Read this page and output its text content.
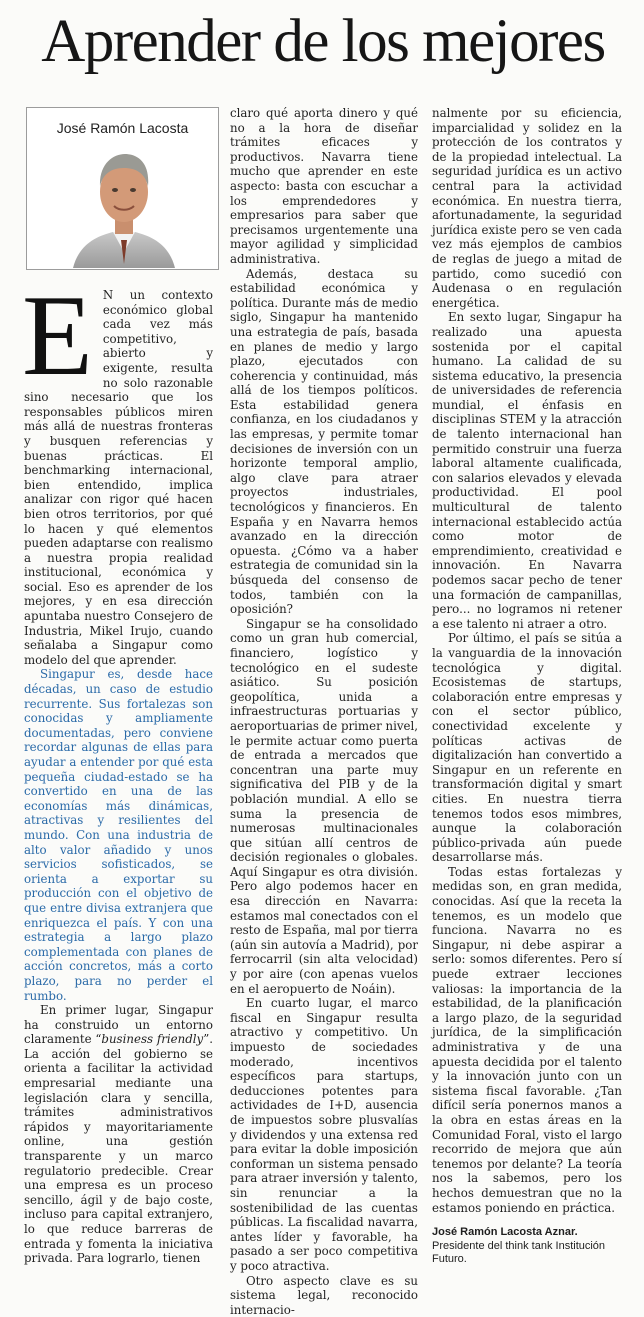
Aprender de los mejores
José Ramón Lacosta

E N un contexto económico global cada vez más competitivo, abierto y exigente, resulta no solo razonable sino necesario que los responsables públicos miren más allá de nuestras fronteras y busquen referencias y buenas prácticas. El benchmarking internacional, bien entendido, implica analizar con rigor qué hacen bien otros territorios, por qué lo hacen y qué elementos pueden adaptarse con realismo a nuestra propia realidad institucional, económica y social. Eso es aprender de los mejores, y en esa dirección apuntaba nuestro Consejero de Industria, Mikel Irujo, cuando señalaba a Singapur como modelo del que aprender.

Singapur es, desde hace décadas, un caso de estudio recurrente. Sus fortalezas son conocidas y ampliamente documentadas, pero conviene recordar algunas de ellas para ayudar a entender por qué esta pequeña ciudad-estado se ha convertido en una de las economías más dinámicas, atractivas y resilientes del mundo. Con una industria de alto valor añadido y unos servicios sofisticados, se orienta a exportar su producción con el objetivo de que entre divisa extranjera que enriquezca el país. Y con una estrategia a largo plazo complementada con planes de acción concretos, más a corto plazo, para no perder el rumbo.

En primer lugar, Singapur ha construido un entorno claramente “business friendly”. La acción del gobierno se orienta a facilitar la actividad empresarial mediante una legislación clara y sencilla, trámites administrativos rápidos y mayoritariamente online, una gestión transparente y un marco regulatorio predecible. Crear una empresa es un proceso sencillo, ágil y de bajo coste, incluso para capital extranjero, lo que reduce barreras de entrada y fomenta la iniciativa privada. Para lograrlo, tienen

claro qué aporta dinero y qué no a la hora de diseñar trámites eficaces y productivos. Navarra tiene mucho que aprender en este aspecto: basta con escuchar a los emprendedores y empresarios para saber que precisamos urgentemente una mayor agilidad y simplicidad administrativa.

Además, destaca su estabilidad económica y política. Durante más de medio siglo, Singapur ha mantenido una estrategia de país, basada en planes de medio y largo plazo, ejecutados con coherencia y continuidad, más allá de los tiempos políticos. Esta estabilidad genera confianza, en los ciudadanos y las empresas, y permite tomar decisiones de inversión con un horizonte temporal amplio, algo clave para atraer proyectos industriales, tecnológicos y financieros. En España y en Navarra hemos avanzado en la dirección opuesta. ¿Cómo va a haber estrategia de comunidad sin la búsqueda del consenso de todos, también con la oposición?

Singapur se ha consolidado como un gran hub comercial, financiero, logístico y tecnológico en el sudeste asiático. Su posición geopolítica, unida a infraestructuras portuarias y aeroportuarias de primer nivel, le permite actuar como puerta de entrada a mercados que concentran una parte muy significativa del PIB y de la población mundial. A ello se suma la presencia de numerosas multinacionales que sitúan allí centros de decisión regionales o globales. Aquí Singapur es otra división. Pero algo podemos hacer en esa dirección en Navarra: estamos mal conectados con el resto de España, mal por tierra (aún sin autovía a Madrid), por ferrocarril (sin alta velocidad) y por aire (con apenas vuelos en el aeropuerto de Noáin).

En cuarto lugar, el marco fiscal en Singapur resulta atractivo y competitivo. Un impuesto de sociedades moderado, incentivos específicos para startups, deducciones potentes para actividades de I+D, ausencia de impuestos sobre plusvalías y dividendos y una extensa red para evitar la doble imposición conforman un sistema pensado para atraer inversión y talento, sin renunciar a la sostenibilidad de las cuentas públicas. La fiscalidad navarra, antes líder y favorable, ha pasado a ser poco competitiva y poco atractiva.

Otro aspecto clave es su sistema legal, reconocido internacio-

nalmente por su eficiencia, imparcialidad y solidez en la protección de los contratos y de la propiedad intelectual. La seguridad jurídica es un activo central para la actividad económica. En nuestra tierra, afortunadamente, la seguridad jurídica existe pero se ven cada vez más ejemplos de cambios de reglas de juego a mitad de partido, como sucedió con Audenasa o en regulación energética.

En sexto lugar, Singapur ha realizado una apuesta sostenida por el capital humano. La calidad de su sistema educativo, la presencia de universidades de referencia mundial, el énfasis en disciplinas STEM y la atracción de talento internacional han permitido construir una fuerza laboral altamente cualificada, con salarios elevados y elevada productividad. El pool multicultural de talento internacional establecido actúa como motor de emprendimiento, creatividad e innovación. En Navarra podemos sacar pecho de tener una formación de campanillas, pero... no logramos ni retener a ese talento ni atraer a otro.

Por último, el país se sitúa a la vanguardia de la innovación tecnológica y digital. Ecosistemas de startups, colaboración entre empresas y con el sector público, conectividad excelente y políticas activas de digitalización han convertido a Singapur en un referente en transformación digital y smart cities. En nuestra tierra tenemos todos esos mimbres, aunque la colaboración público-privada aún puede desarrollarse más.

Todas estas fortalezas y medidas son, en gran medida, conocidas. Así que la receta la tenemos, es un modelo que funciona. Navarra no es Singapur, ni debe aspirar a serlo: somos diferentes. Pero sí puede extraer lecciones valiosas: la importancia de la estabilidad, de la planificación a largo plazo, de la seguridad jurídica, de la simplificación administrativa y de una apuesta decidida por el talento y la innovación junto con un sistema fiscal favorable. ¿Tan difícil sería ponernos manos a la obra en estas áreas en la Comunidad Foral, visto el largo recorrido de mejora que aún tenemos por delante? La teoría nos la sabemos, pero los hechos demuestran que no la estamos poniendo en práctica.

José Ramón Lacosta Aznar.
Presidente del think tank Institución Futuro.
